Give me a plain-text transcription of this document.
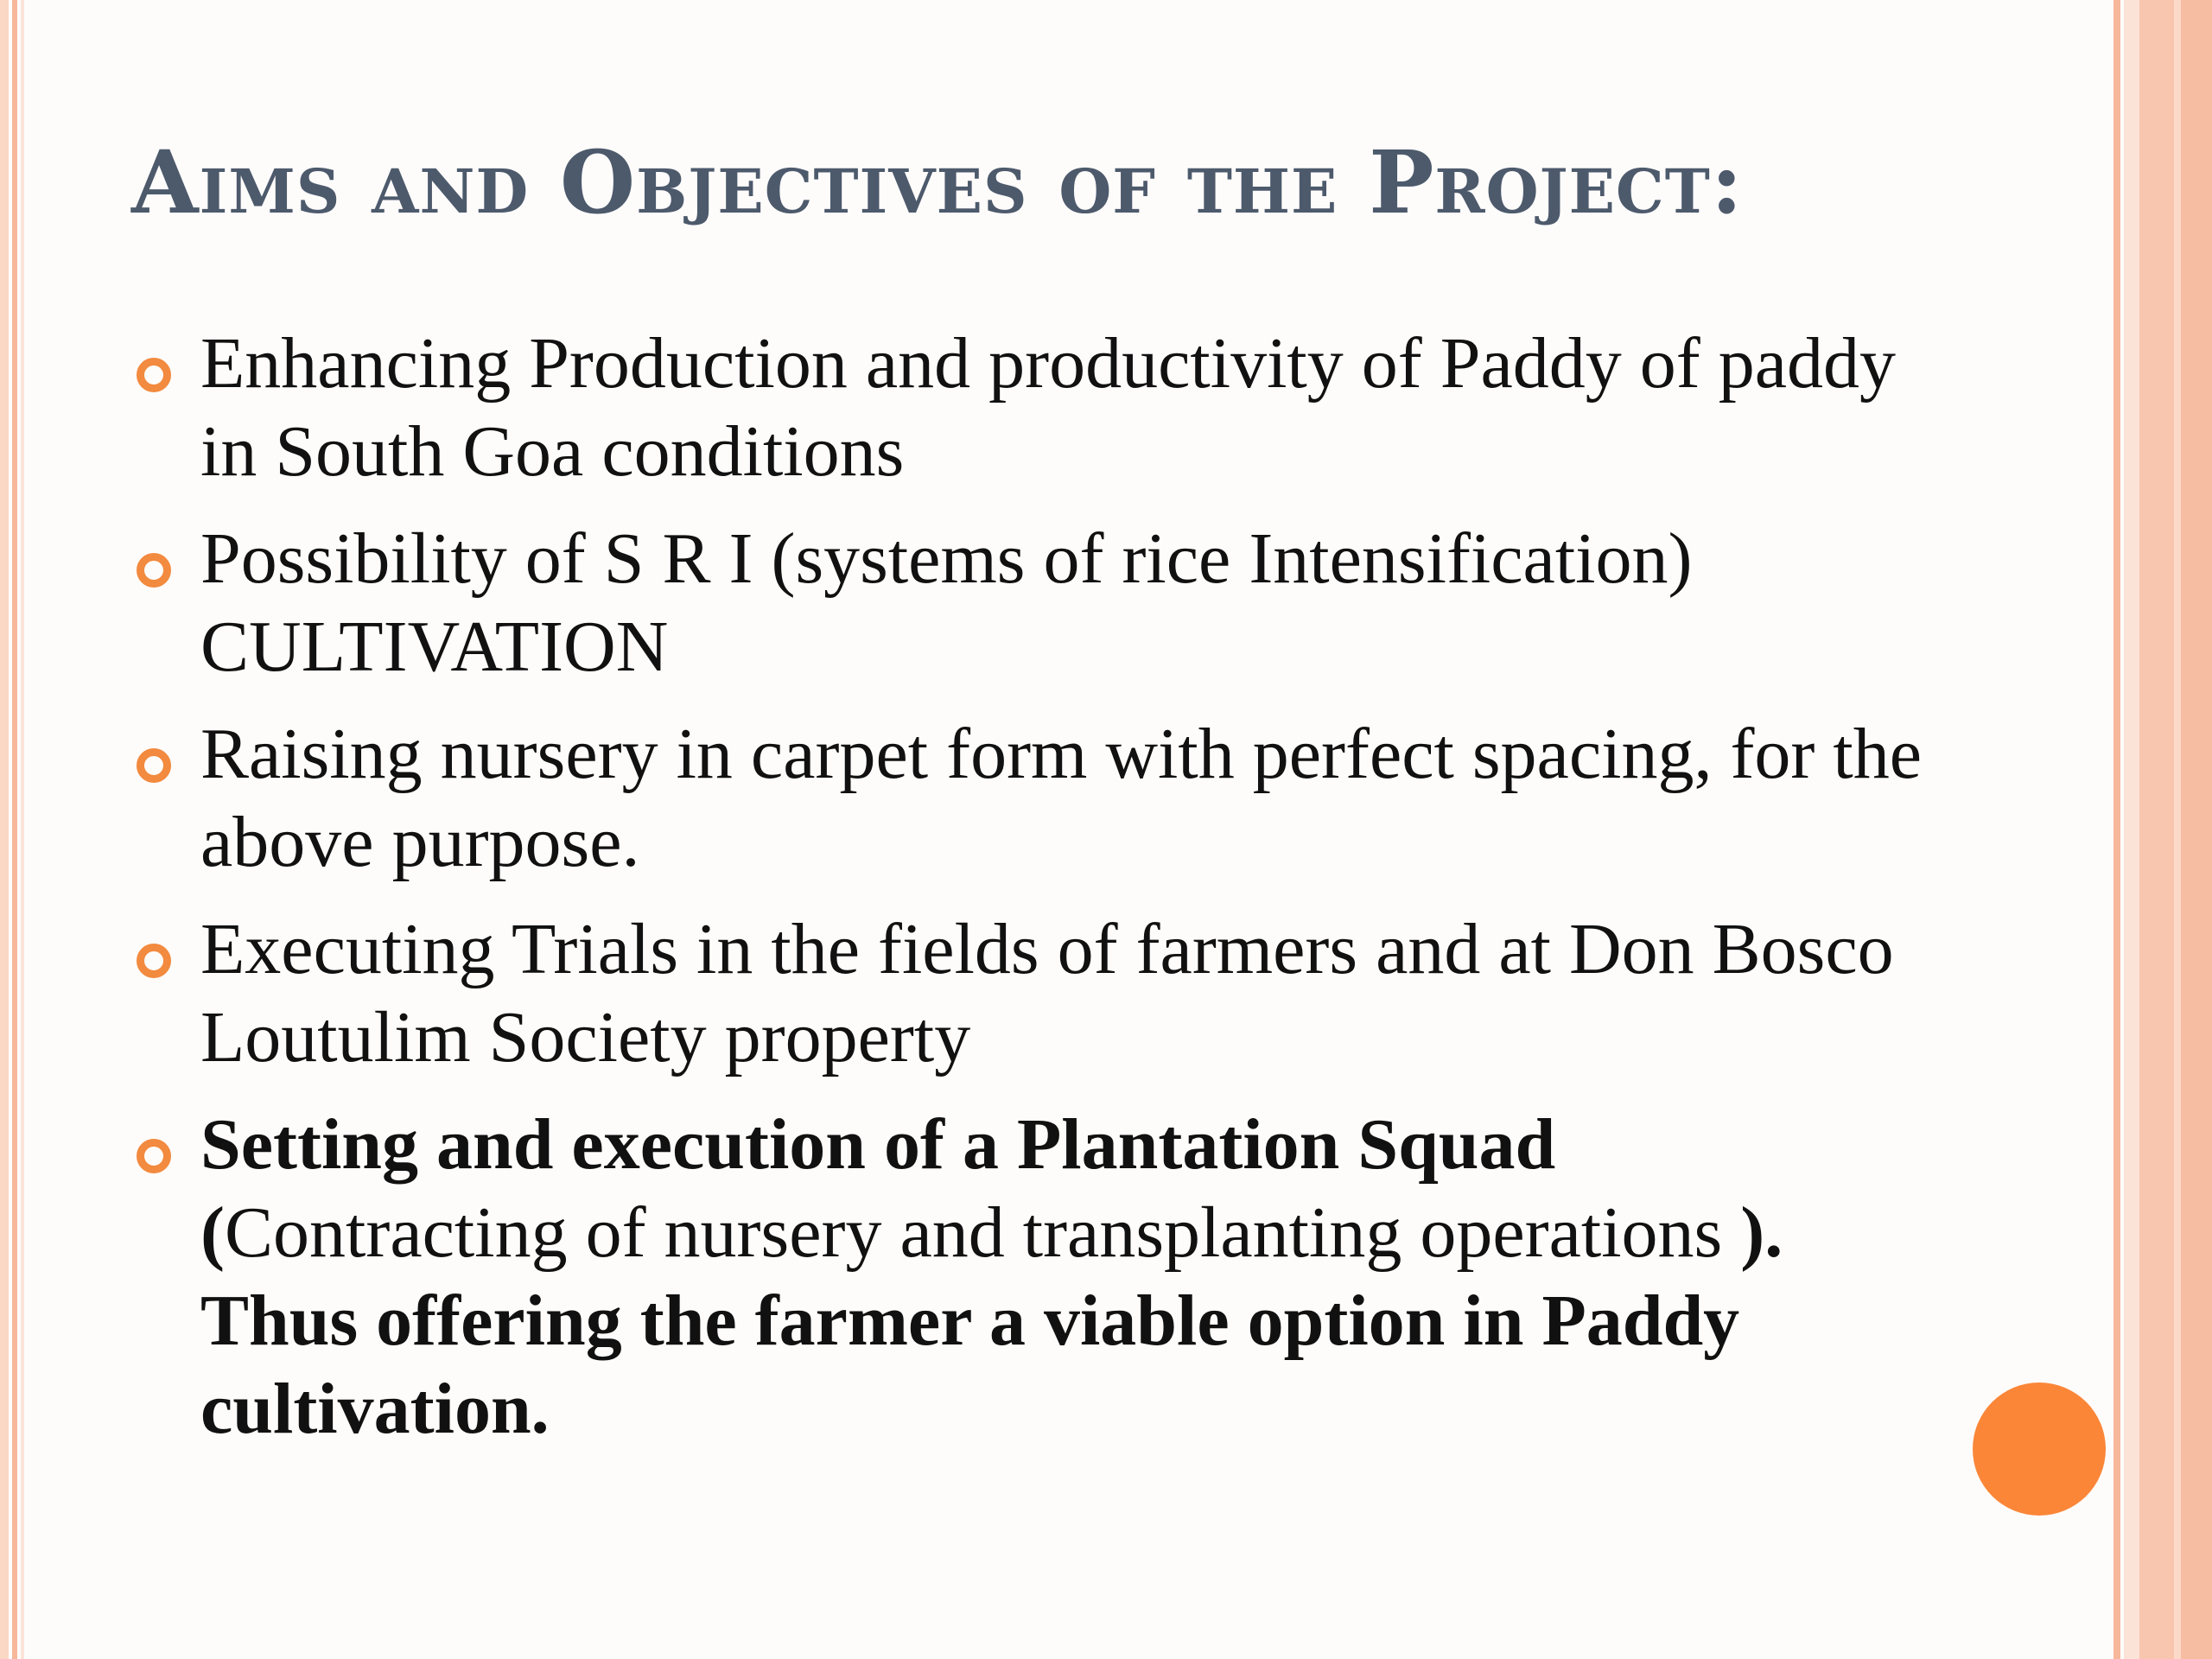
Aims and Objectives of the Project:
Enhancing Production and productivity of Paddy of paddy in South Goa conditions
Possibility of S R I (systems of rice Intensification) CULTIVATION
Raising nursery in carpet form with perfect spacing, for the above purpose.
Executing Trials in the fields of farmers and at Don Bosco Loutulim Society property
Setting and execution of a Plantation Squad (Contracting of nursery and transplanting operations ). Thus offering the farmer a viable option in Paddy cultivation.
